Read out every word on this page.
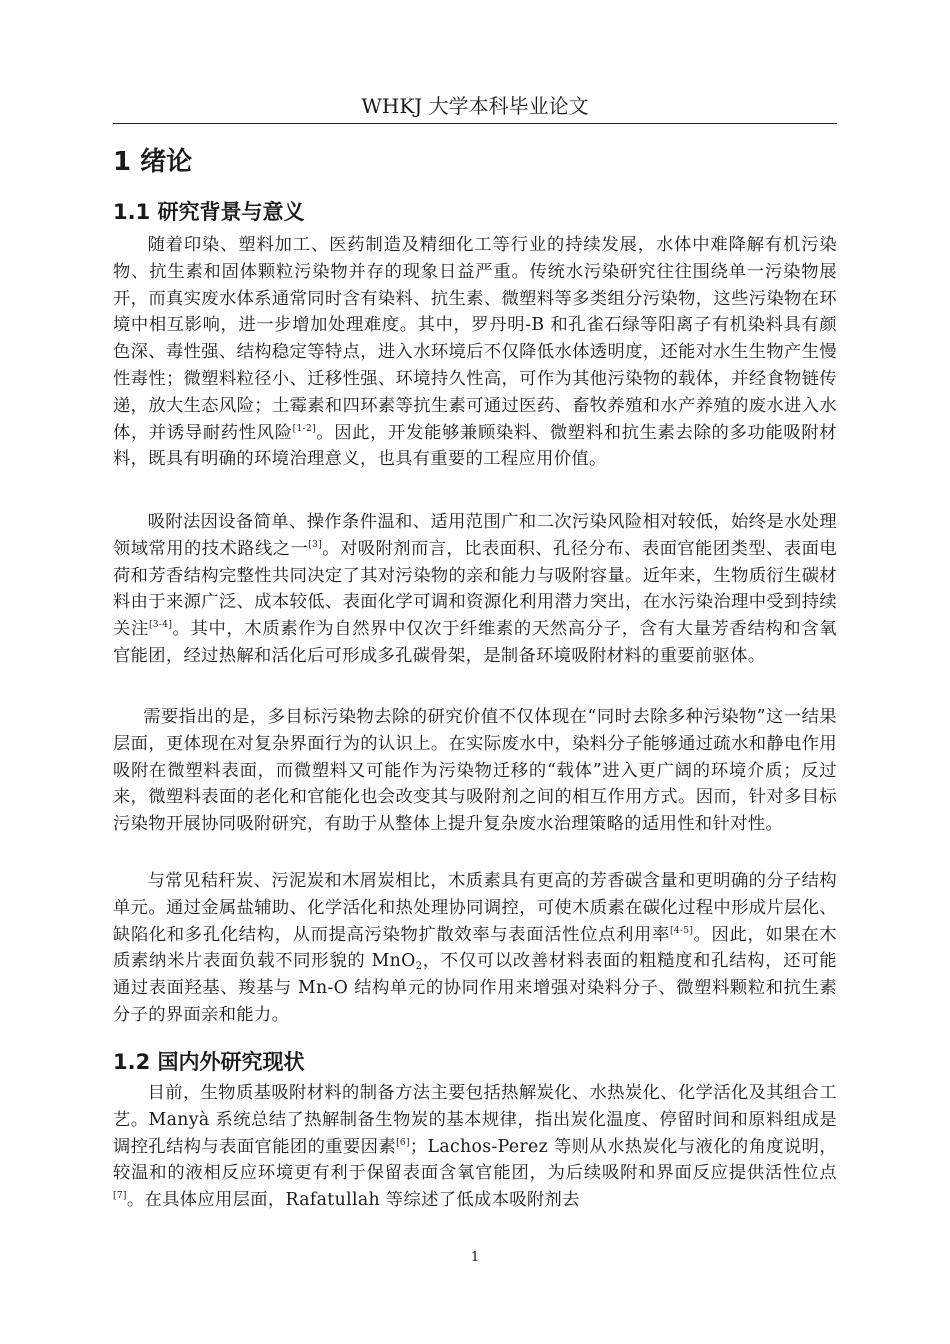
WHKJ 大学本科毕业论文
1 绪论
1.1 研究背景与意义

随着印染、塑料加工、医药制造及精细化工等行业的持续发展，水体中难降解有机污染物、抗生素和固体颗粒污染物并存的现象日益严重。传统水污染研究往往围绕单一污染物展开，而真实废水体系通常同时含有染料、抗生素、微塑料等多类组分污染物，这些污染物在环境中相互影响，进一步增加处理难度。其中，罗丹明-B 和孔雀石绿等阳离子有机染料具有颜色深、毒性强、结构稳定等特点，进入水环境后不仅降低水体透明度，还能对水生生物产生慢性毒性；微塑料粒径小、迁移性强、环境持久性高，可作为其他污染物的载体，并经食物链传递，放大生态风险；土霉素和四环素等抗生素可通过医药、畜牧养殖和水产养殖的废水进入水体，并诱导耐药性风险[1-2]。因此，开发能够兼顾染料、微塑料和抗生素去除的多功能吸附材料，既具有明确的环境治理意义，也具有重要的工程应用价值。

吸附法因设备简单、操作条件温和、适用范围广和二次污染风险相对较低，始终是水处理领域常用的技术路线之一[3]。对吸附剂而言，比表面积、孔径分布、表面官能团类型、表面电荷和芳香结构完整性共同决定了其对污染物的亲和能力与吸附容量。近年来，生物质衍生碳材料由于来源广泛、成本较低、表面化学可调和资源化利用潜力突出，在水污染治理中受到持续关注[3-4]。其中，木质素作为自然界中仅次于纤维素的天然高分子，含有大量芳香结构和含氧官能团，经过热解和活化后可形成多孔碳骨架，是制备环境吸附材料的重要前驱体。

需要指出的是，多目标污染物去除的研究价值不仅体现在“同时去除多种污染物”这一结果层面，更体现在对复杂界面行为的认识上。在实际废水中，染料分子能够通过疏水和静电作用吸附在微塑料表面，而微塑料又可能作为污染物迁移的“载体”进入更广阔的环境介质；反过来，微塑料表面的老化和官能化也会改变其与吸附剂之间的相互作用方式。因而，针对多目标污染物开展协同吸附研究，有助于从整体上提升复杂废水治理策略的适用性和针对性。

与常见秸秆炭、污泥炭和木屑炭相比，木质素具有更高的芳香碳含量和更明确的分子结构单元。通过金属盐辅助、化学活化和热处理协同调控，可使木质素在碳化过程中形成片层化、缺陷化和多孔化结构，从而提高污染物扩散效率与表面活性位点利用率[4-5]。因此，如果在木质素纳米片表面负载不同形貌的 MnO$_2$，不仅可以改善材料表面的粗糙度和孔结构，还可能通过表面羟基、羧基与 Mn-O 结构单元的协同作用来增强对染料分子、微塑料颗粒和抗生素分子的界面亲和能力。

1.2 国内外研究现状

目前，生物质基吸附材料的制备方法主要包括热解炭化、水热炭化、化学活化及其组合工艺。Manyà 系统总结了热解制备生物炭的基本规律，指出炭化温度、停留时间和原料组成是调控孔结构与表面官能团的重要因素[6]；Lachos-Perez 等则从水热炭化与液化的角度说明，较温和的液相反应环境更有利于保留表面含氧官能团，为后续吸附和界面反应提供活性位点[7]。在具体应用层面，Rafatullah 等综述了低成本吸附剂去

1
